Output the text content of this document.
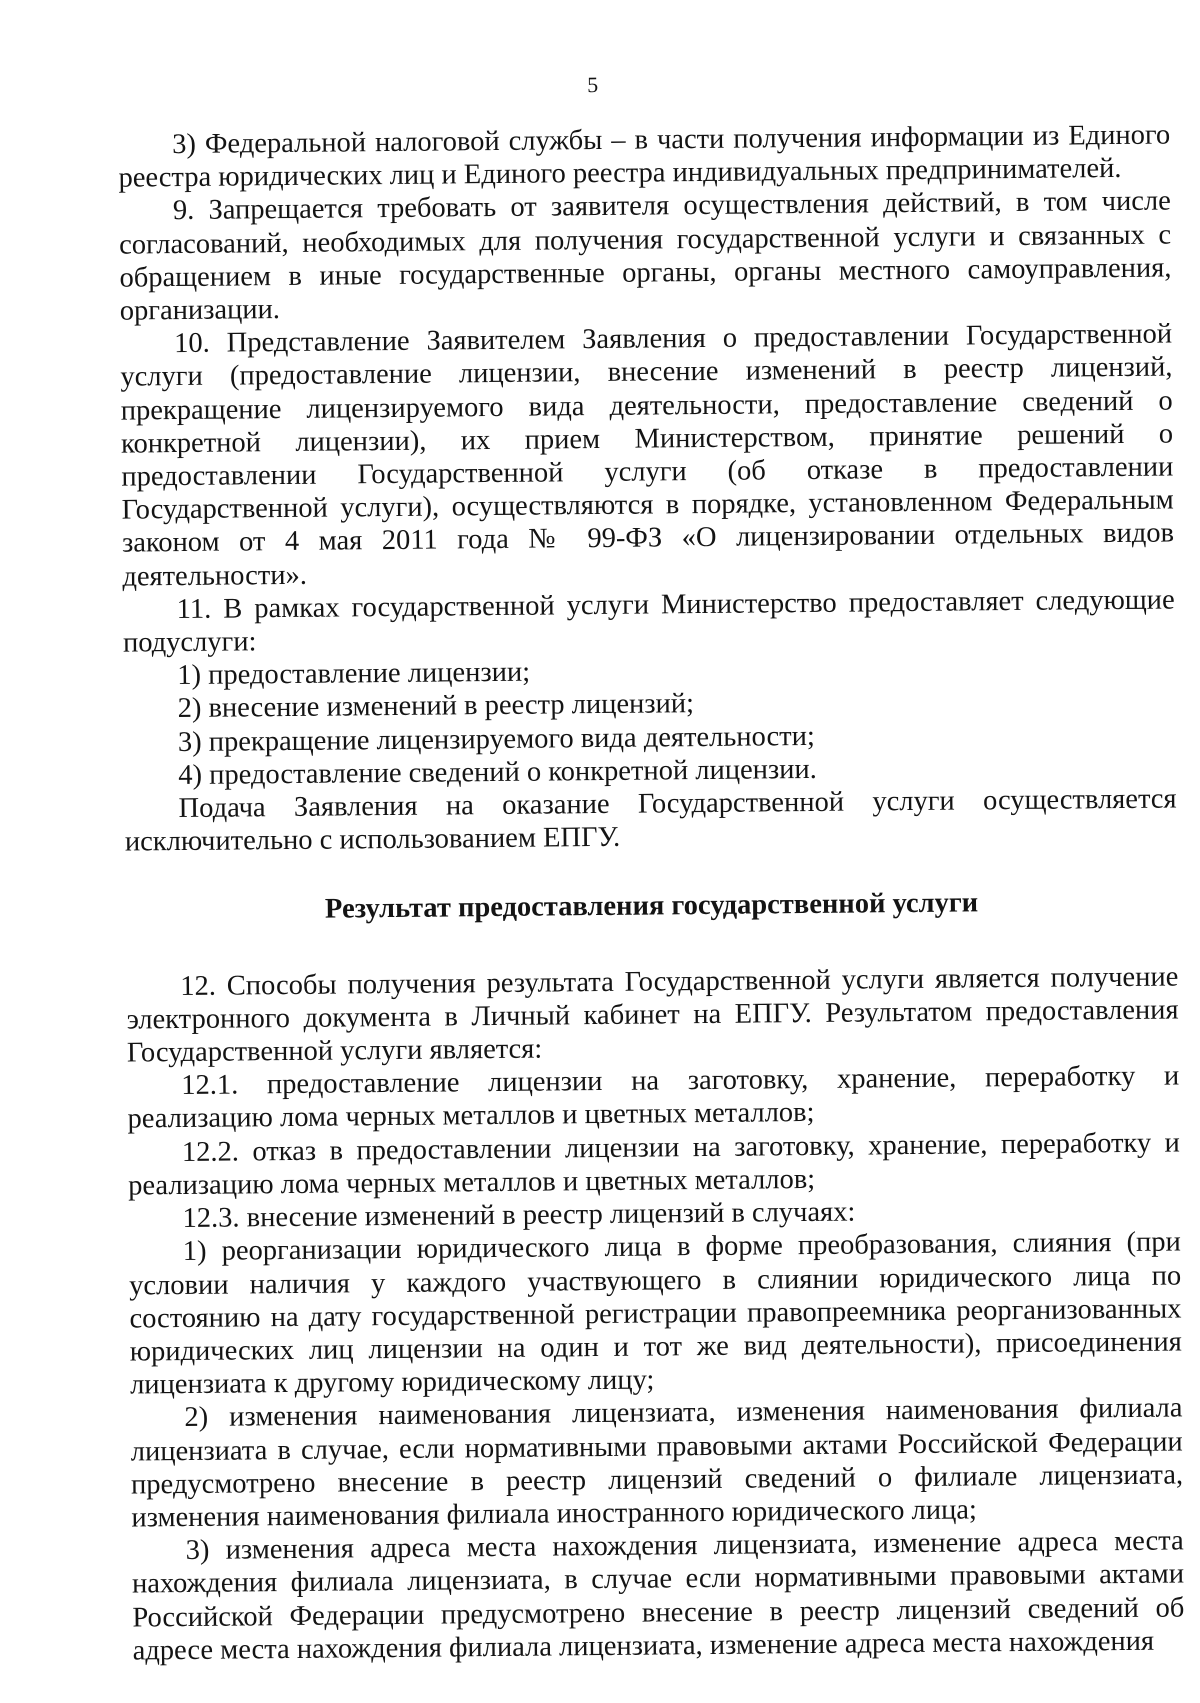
5

3) Федеральной налоговой службы – в части получения информации из Единого реестра юридических лиц и Единого реестра индивидуальных предпринимателей.

9. Запрещается требовать от заявителя осуществления действий, в том числе согласований, необходимых для получения государственной услуги и связанных с обращением в иные государственные органы, органы местного самоуправления, организации.

10. Представление Заявителем Заявления о предоставлении Государственной услуги (предоставление лицензии, внесение изменений в реестр лицензий, прекращение лицензируемого вида деятельности, предоставление сведений о конкретной лицензии), их прием Министерством, принятие решений о предоставлении Государственной услуги (об отказе в предоставлении Государственной услуги), осуществляются в порядке, установленном Федеральным законом от 4 мая 2011 года № 99-ФЗ «О лицензировании отдельных видов деятельности».

11. В рамках государственной услуги Министерство предоставляет следующие подуслуги:

1) предоставление лицензии;

2) внесение изменений в реестр лицензий;

3) прекращение лицензируемого вида деятельности;

4) предоставление сведений о конкретной лицензии.

Подача Заявления на оказание Государственной услуги осуществляется исключительно с использованием ЕПГУ.

Результат предоставления государственной услуги

12. Способы получения результата Государственной услуги является получение электронного документа в Личный кабинет на ЕПГУ. Результатом предоставления Государственной услуги является:

12.1. предоставление лицензии на заготовку, хранение, переработку и реализацию лома черных металлов и цветных металлов;

12.2. отказ в предоставлении лицензии на заготовку, хранение, переработку и реализацию лома черных металлов и цветных металлов;

12.3. внесение изменений в реестр лицензий в случаях:

1) реорганизации юридического лица в форме преобразования, слияния (при условии наличия у каждого участвующего в слиянии юридического лица по состоянию на дату государственной регистрации правопреемника реорганизованных юридических лиц лицензии на один и тот же вид деятельности), присоединения лицензиата к другому юридическому лицу;

2) изменения наименования лицензиата, изменения наименования филиала лицензиата в случае, если нормативными правовыми актами Российской Федерации предусмотрено внесение в реестр лицензий сведений о филиале лицензиата, изменения наименования филиала иностранного юридического лица;

3) изменения адреса места нахождения лицензиата, изменение адреса места нахождения филиала лицензиата, в случае если нормативными правовыми актами Российской Федерации предусмотрено внесение в реестр лицензий сведений об адресе места нахождения филиала лицензиата, изменение адреса места нахождения
